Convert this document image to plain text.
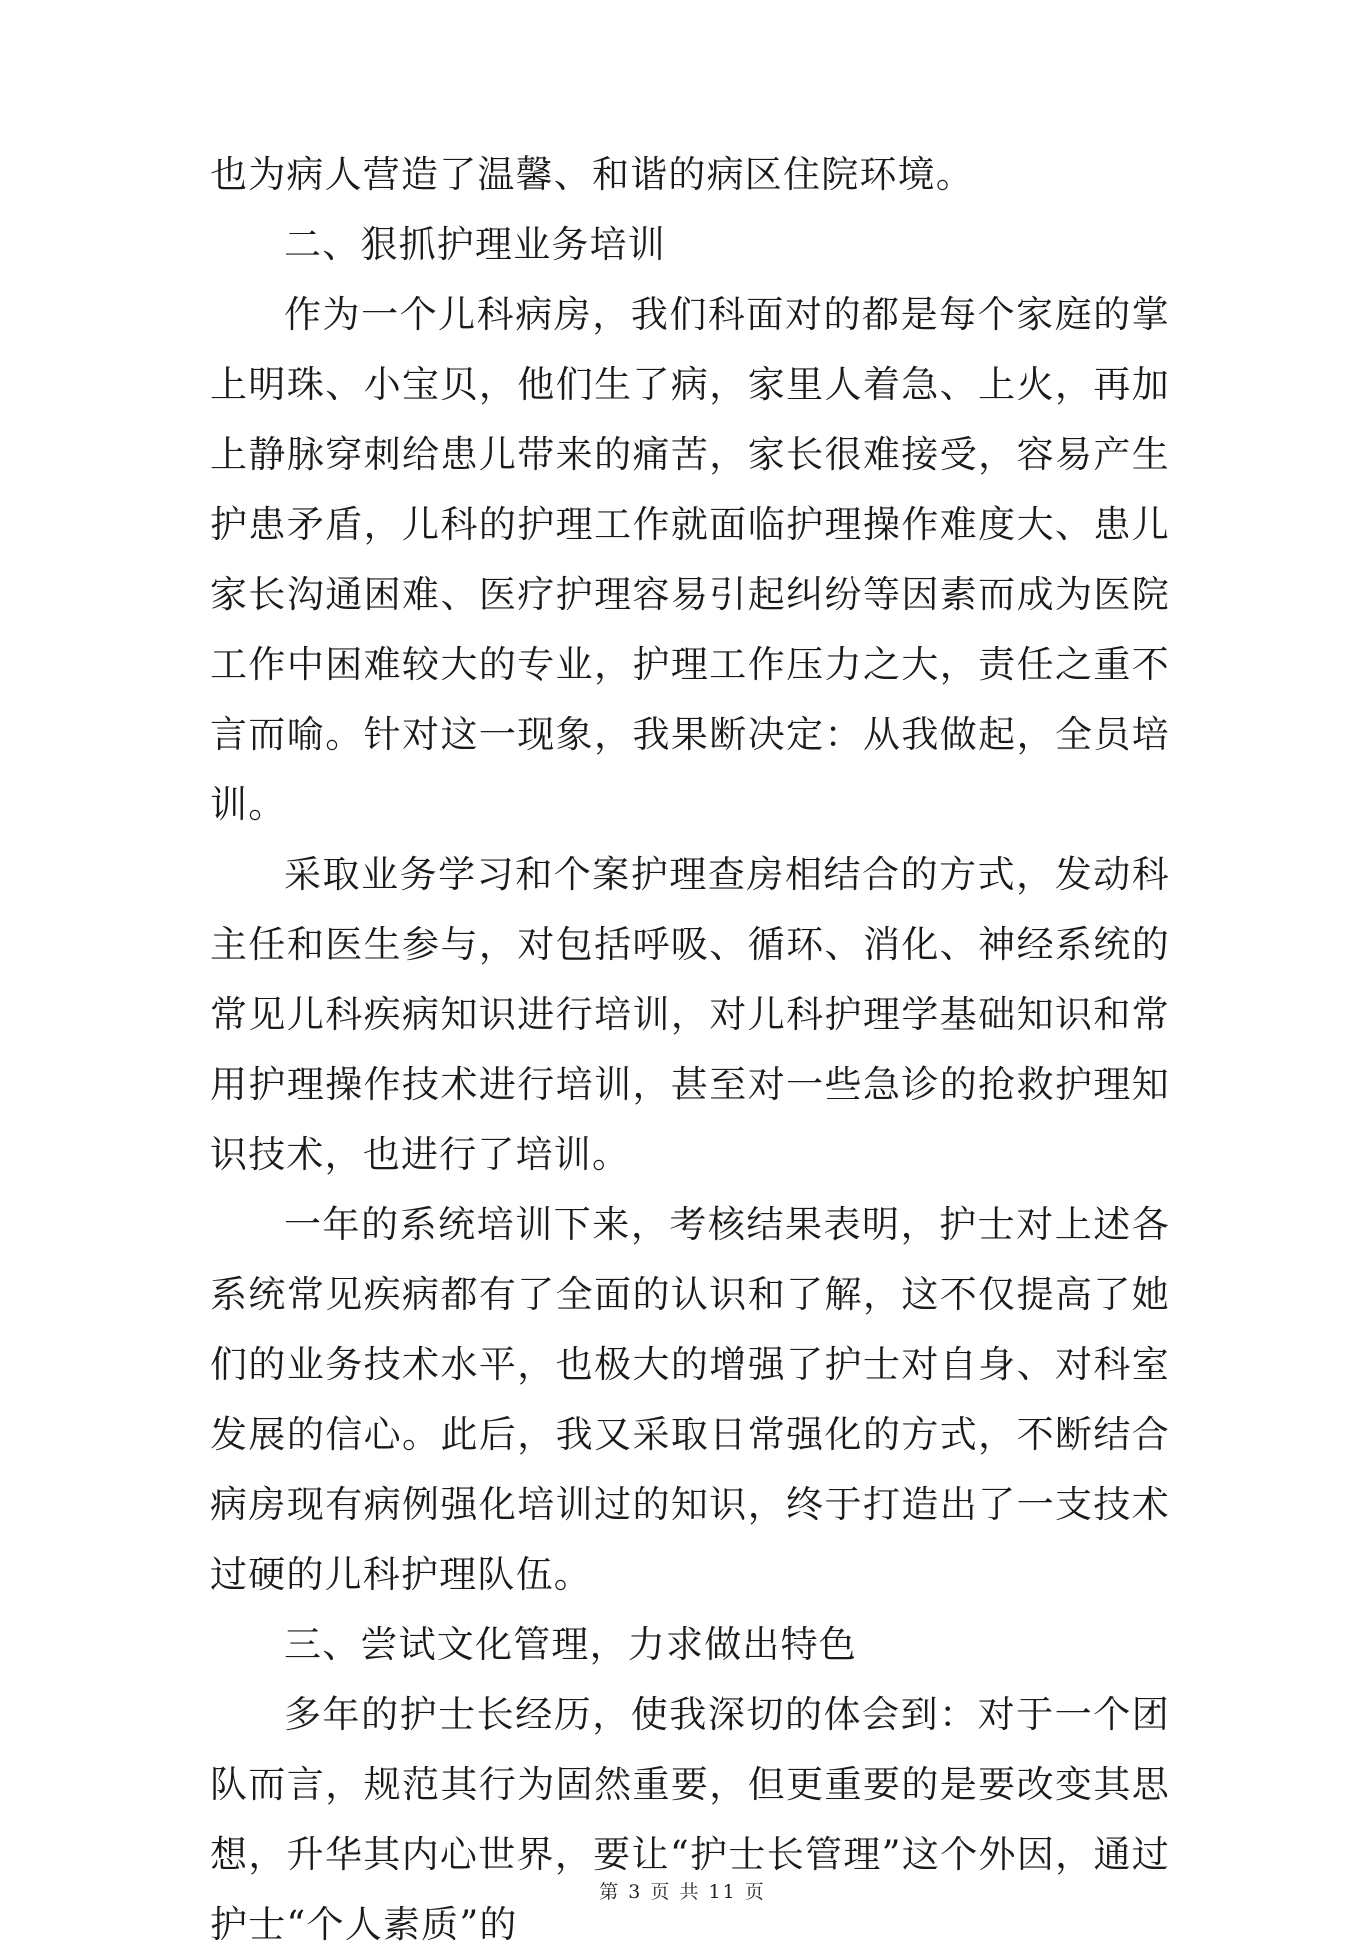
也为病人营造了温馨、和谐的病区住院环境。

二、狠抓护理业务培训

作为一个儿科病房，我们科面对的都是每个家庭的掌上明珠、小宝贝，他们生了病，家里人着急、上火，再加上静脉穿刺给患儿带来的痛苦，家长很难接受，容易产生护患矛盾，儿科的护理工作就面临护理操作难度大、患儿家长沟通困难、医疗护理容易引起纠纷等因素而成为医院工作中困难较大的专业，护理工作压力之大，责任之重不言而喻。针对这一现象，我果断决定：从我做起，全员培训。

采取业务学习和个案护理查房相结合的方式，发动科主任和医生参与，对包括呼吸、循环、消化、神经系统的常见儿科疾病知识进行培训，对儿科护理学基础知识和常用护理操作技术进行培训，甚至对一些急诊的抢救护理知识技术，也进行了培训。

一年的系统培训下来，考核结果表明，护士对上述各系统常见疾病都有了全面的认识和了解，这不仅提高了她们的业务技术水平，也极大的增强了护士对自身、对科室发展的信心。此后，我又采取日常强化的方式，不断结合病房现有病例强化培训过的知识，终于打造出了一支技术过硬的儿科护理队伍。

三、尝试文化管理，力求做出特色

多年的护士长经历，使我深切的体会到：对于一个团队而言，规范其行为固然重要，但更重要的是要改变其思想，升华其内心世界，要让“护士长管理”这个外因，通过护士“个人素质”的

第 3 页 共 11 页
